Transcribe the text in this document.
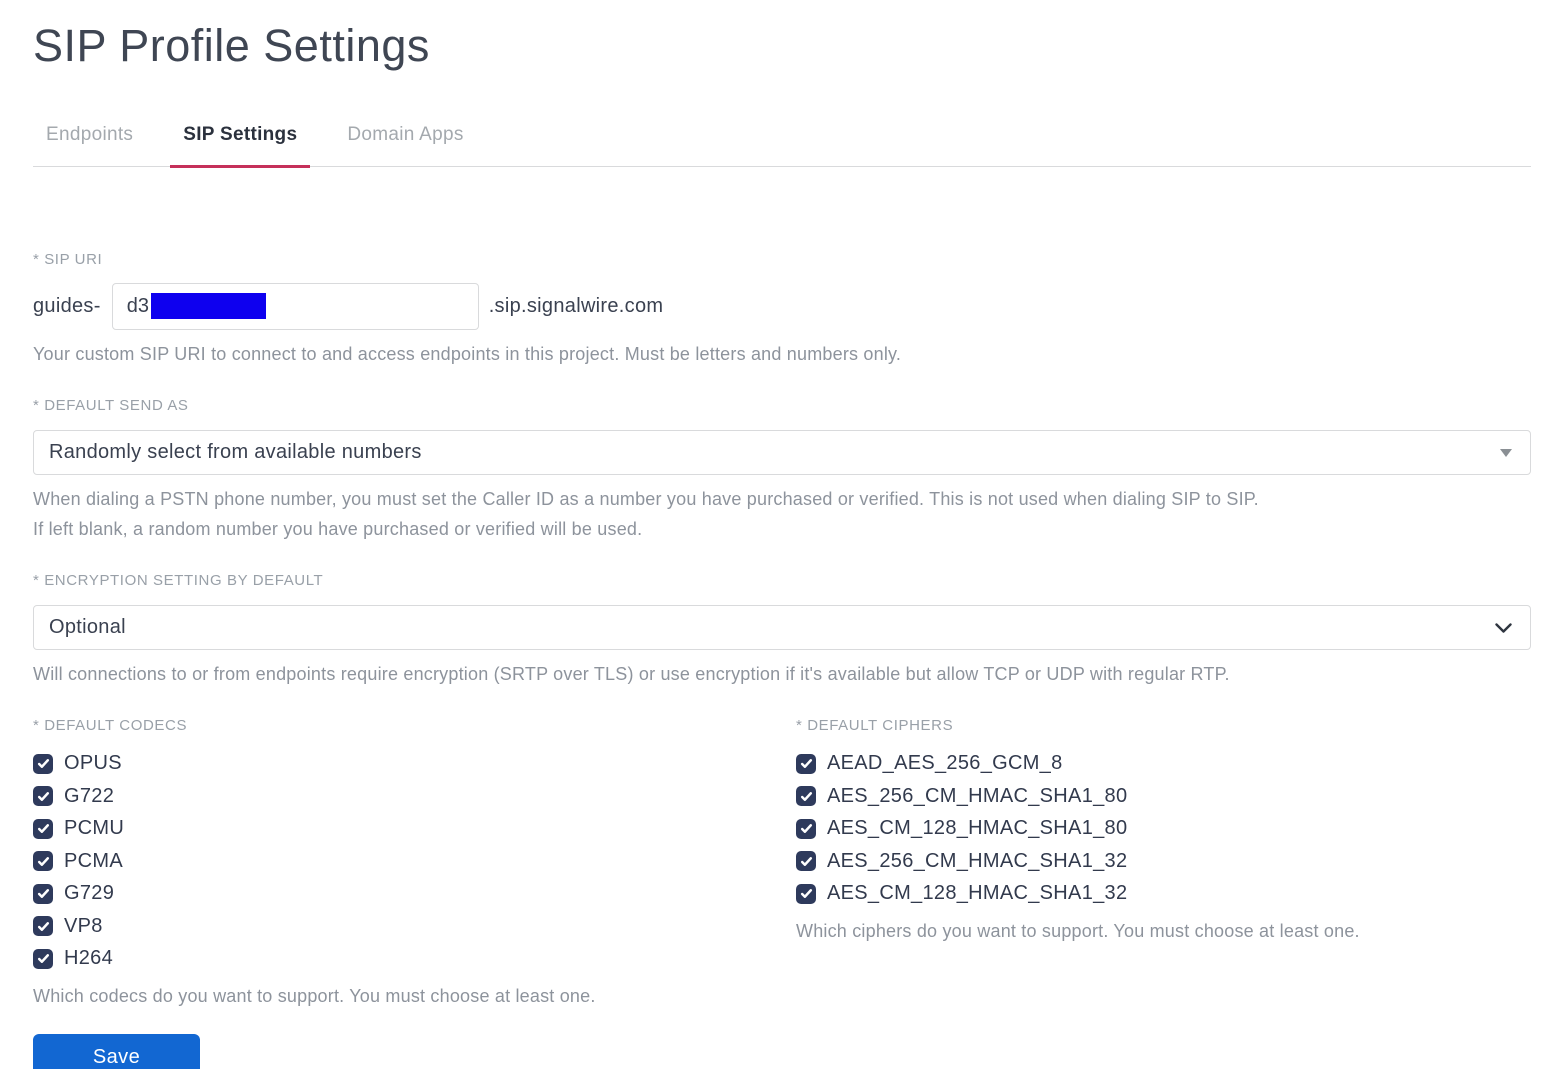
SIP Profile Settings
Endpoints	SIP Settings	Domain Apps
* SIP URI
guides- d3	.sip.signalwire.com
Your custom SIP URI to connect to and access endpoints in this project. Must be letters and numbers only.
* DEFAULT SEND AS
Randomly select from available numbers

When dialing a PSTN phone number, you must set the Caller ID as a number you have purchased or verified. This is not used when dialing SIP to SIP.

If left blank, a random number you have purchased or verified will be used.

* ENCRYPTION SETTING BY DEFAULT
Optional
Will connections to or from endpoints require encryption (SRTP over TLS) or use encryption if it's available but allow TCP or UDP with regular RTP.
* DEFAULT CODECS
OPUS
G722
PCMU
PCMA
G729
VP8
H264
Which codecs do you want to support. You must choose at least one.
* DEFAULT CIPHERS
AEAD_AES_256_GCM_8
AES_256_CM_HMAC_SHA1_80
AES_CM_128_HMAC_SHA1_80
AES_256_CM_HMAC_SHA1_32
AES_CM_128_HMAC_SHA1_32
Which ciphers do you want to support. You must choose at least one.
Save
